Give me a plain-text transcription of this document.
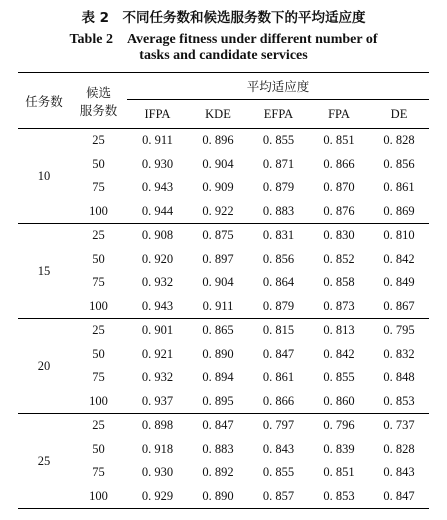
表 2　不同任务数和候选服务数下的平均适应度
Table 2　Average fitness under different number of
tasks and candidate services
任务数	候选
服务数	平均适应度				
		IFPA	KDE	EFPA	FPA	DE
10	25	0. 911	0. 896	0. 855	0. 851	0. 828
	50	0. 930	0. 904	0. 871	0. 866	0. 856
	75	0. 943	0. 909	0. 879	0. 870	0. 861
	100	0. 944	0. 922	0. 883	0. 876	0. 869
15	25	0. 908	0. 875	0. 831	0. 830	0. 810
	50	0. 920	0. 897	0. 856	0. 852	0. 842
	75	0. 932	0. 904	0. 864	0. 858	0. 849
	100	0. 943	0. 911	0. 879	0. 873	0. 867
20	25	0. 901	0. 865	0. 815	0. 813	0. 795
	50	0. 921	0. 890	0. 847	0. 842	0. 832
	75	0. 932	0. 894	0. 861	0. 855	0. 848
	100	0. 937	0. 895	0. 866	0. 860	0. 853
25	25	0. 898	0. 847	0. 797	0. 796	0. 737
	50	0. 918	0. 883	0. 843	0. 839	0. 828
	75	0. 930	0. 892	0. 855	0. 851	0. 843
	100	0. 929	0. 890	0. 857	0. 853	0. 847
